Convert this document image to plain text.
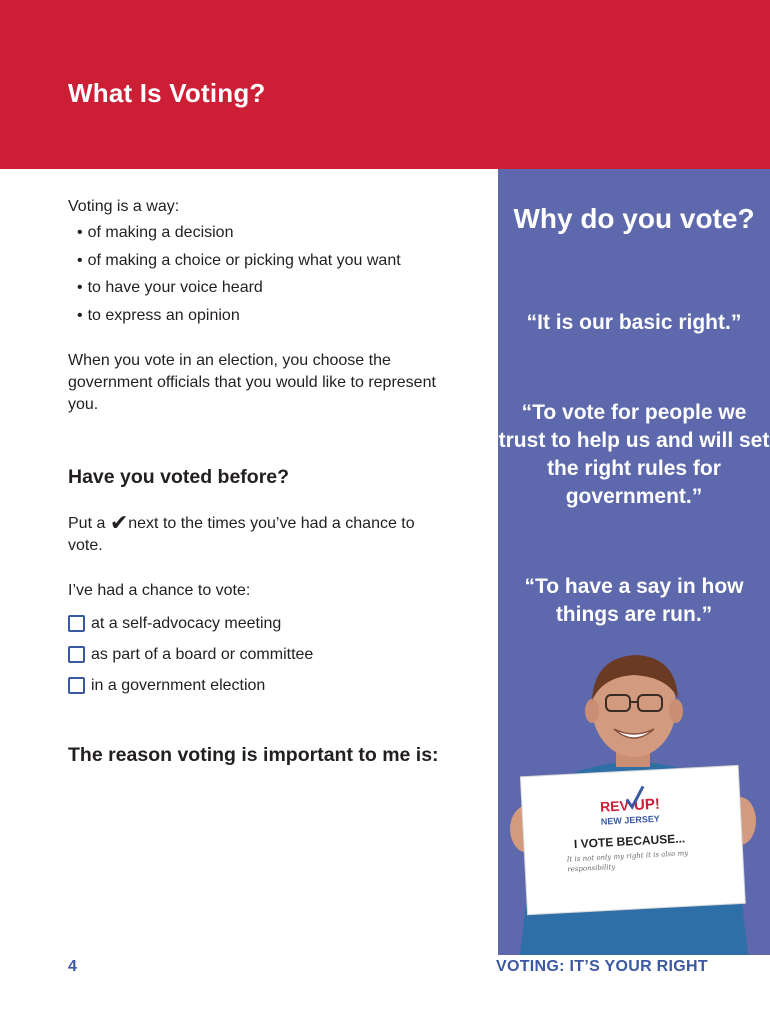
What Is Voting?

Voting is a way:

• of making a decision
• of making a choice or picking what you want
• to have your voice heard
• to express an opinion

When you vote in an election, you choose the government officials that you would like to represent you.

Have you voted before?

Put a ✔next to the times you’ve had a chance to vote.

I’ve had a chance to vote:

at a self-advocacy meeting
as part of a board or committee
in a government election
The reason voting is important to me is:
Why do you vote?

“It is our basic right.”

“To vote for people we trust to help us and will set the right rules for government.”

“To have a say in how things are run.”

REV UP!
NEW JERSEY
I VOTE BECAUSE...
It is not only my right it is also my responsibility
4	VOTING: IT’S YOUR RIGHT
